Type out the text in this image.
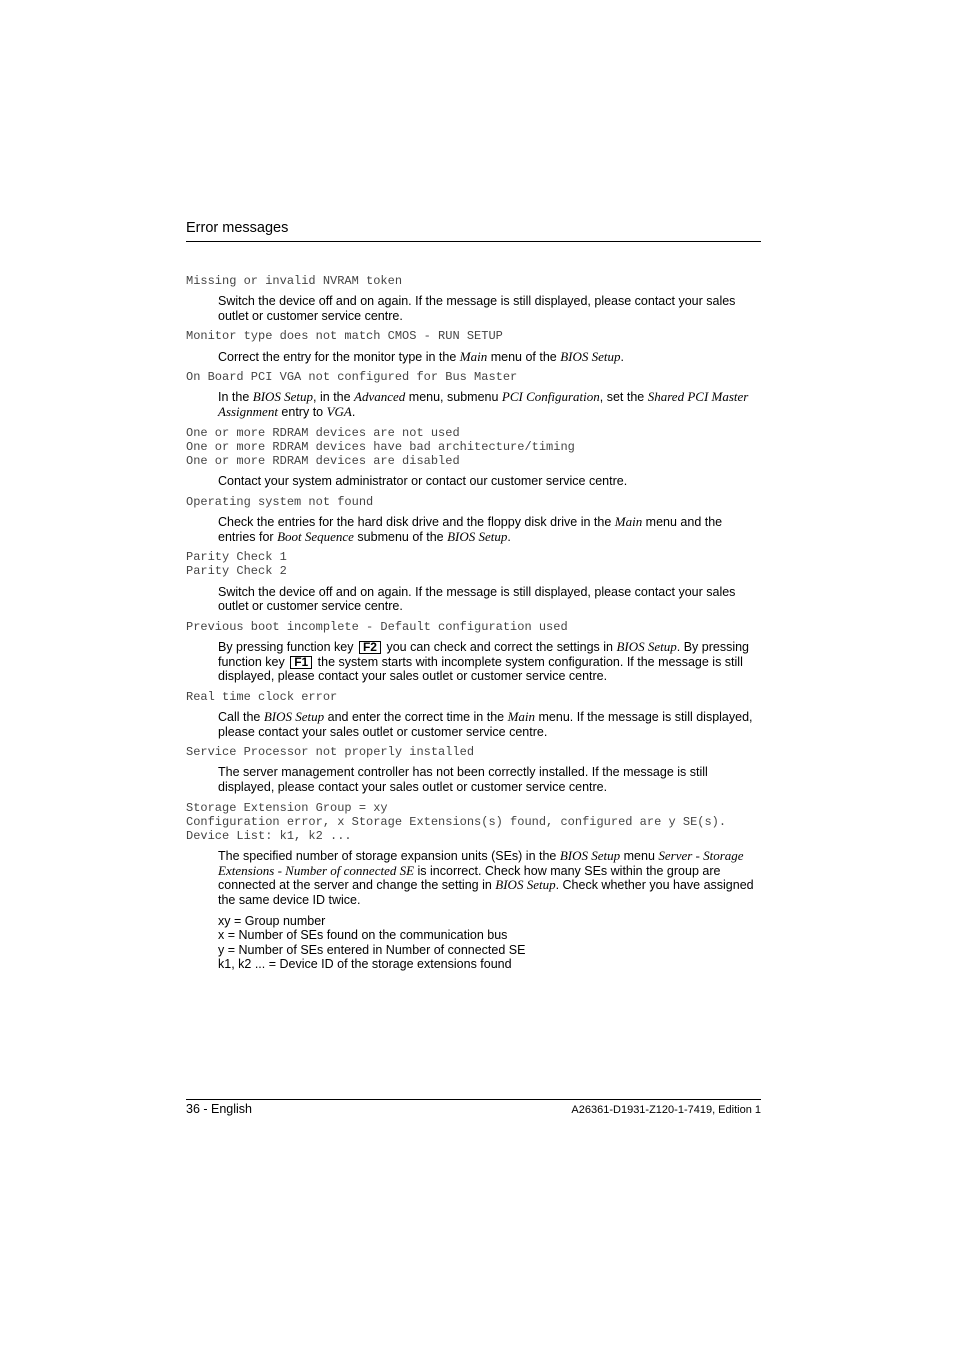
Error messages
Missing or invalid NVRAM token
Switch the device off and on again. If the message is still displayed, please contact your sales outlet or customer service centre.
Monitor type does not match CMOS - RUN SETUP
Correct the entry for the monitor type in the Main menu of the BIOS Setup.
On Board PCI VGA not configured for Bus Master
In the BIOS Setup, in the Advanced menu, submenu PCI Configuration, set the Shared PCI Master Assignment entry to VGA.
One or more RDRAM devices are not used
One or more RDRAM devices have bad architecture/timing
One or more RDRAM devices are disabled
Contact your system administrator or contact our customer service centre.
Operating system not found
Check the entries for the hard disk drive and the floppy disk drive in the Main menu and the entries for Boot Sequence submenu of the BIOS Setup.
Parity Check 1
Parity Check 2
Switch the device off and on again. If the message is still displayed, please contact your sales outlet or customer service centre.
Previous boot incomplete - Default configuration used
By pressing function key F2 you can check and correct the settings in BIOS Setup. By pressing function key F1 the system starts with incomplete system configuration. If the message is still displayed, please contact your sales outlet or customer service centre.
Real time clock error
Call the BIOS Setup and enter the correct time in the Main menu. If the message is still displayed, please contact your sales outlet or customer service centre.
Service Processor not properly installed
The server management controller has not been correctly installed. If the message is still displayed, please contact your sales outlet or customer service centre.
Storage Extension Group = xy
Configuration error, x Storage Extensions(s) found, configured are y SE(s).
Device List: k1, k2 ...
The specified number of storage expansion units (SEs) in the BIOS Setup menu Server - Storage Extensions - Number of connected SE is incorrect. Check how many SEs within the group are connected at the server and change the setting in BIOS Setup. Check whether you have assigned the same device ID twice.
xy = Group number
x = Number of SEs found on the communication bus
y = Number of SEs entered in Number of connected SE
k1, k2 ... = Device ID of the storage extensions found
36 - English	A26361-D1931-Z120-1-7419, Edition 1
